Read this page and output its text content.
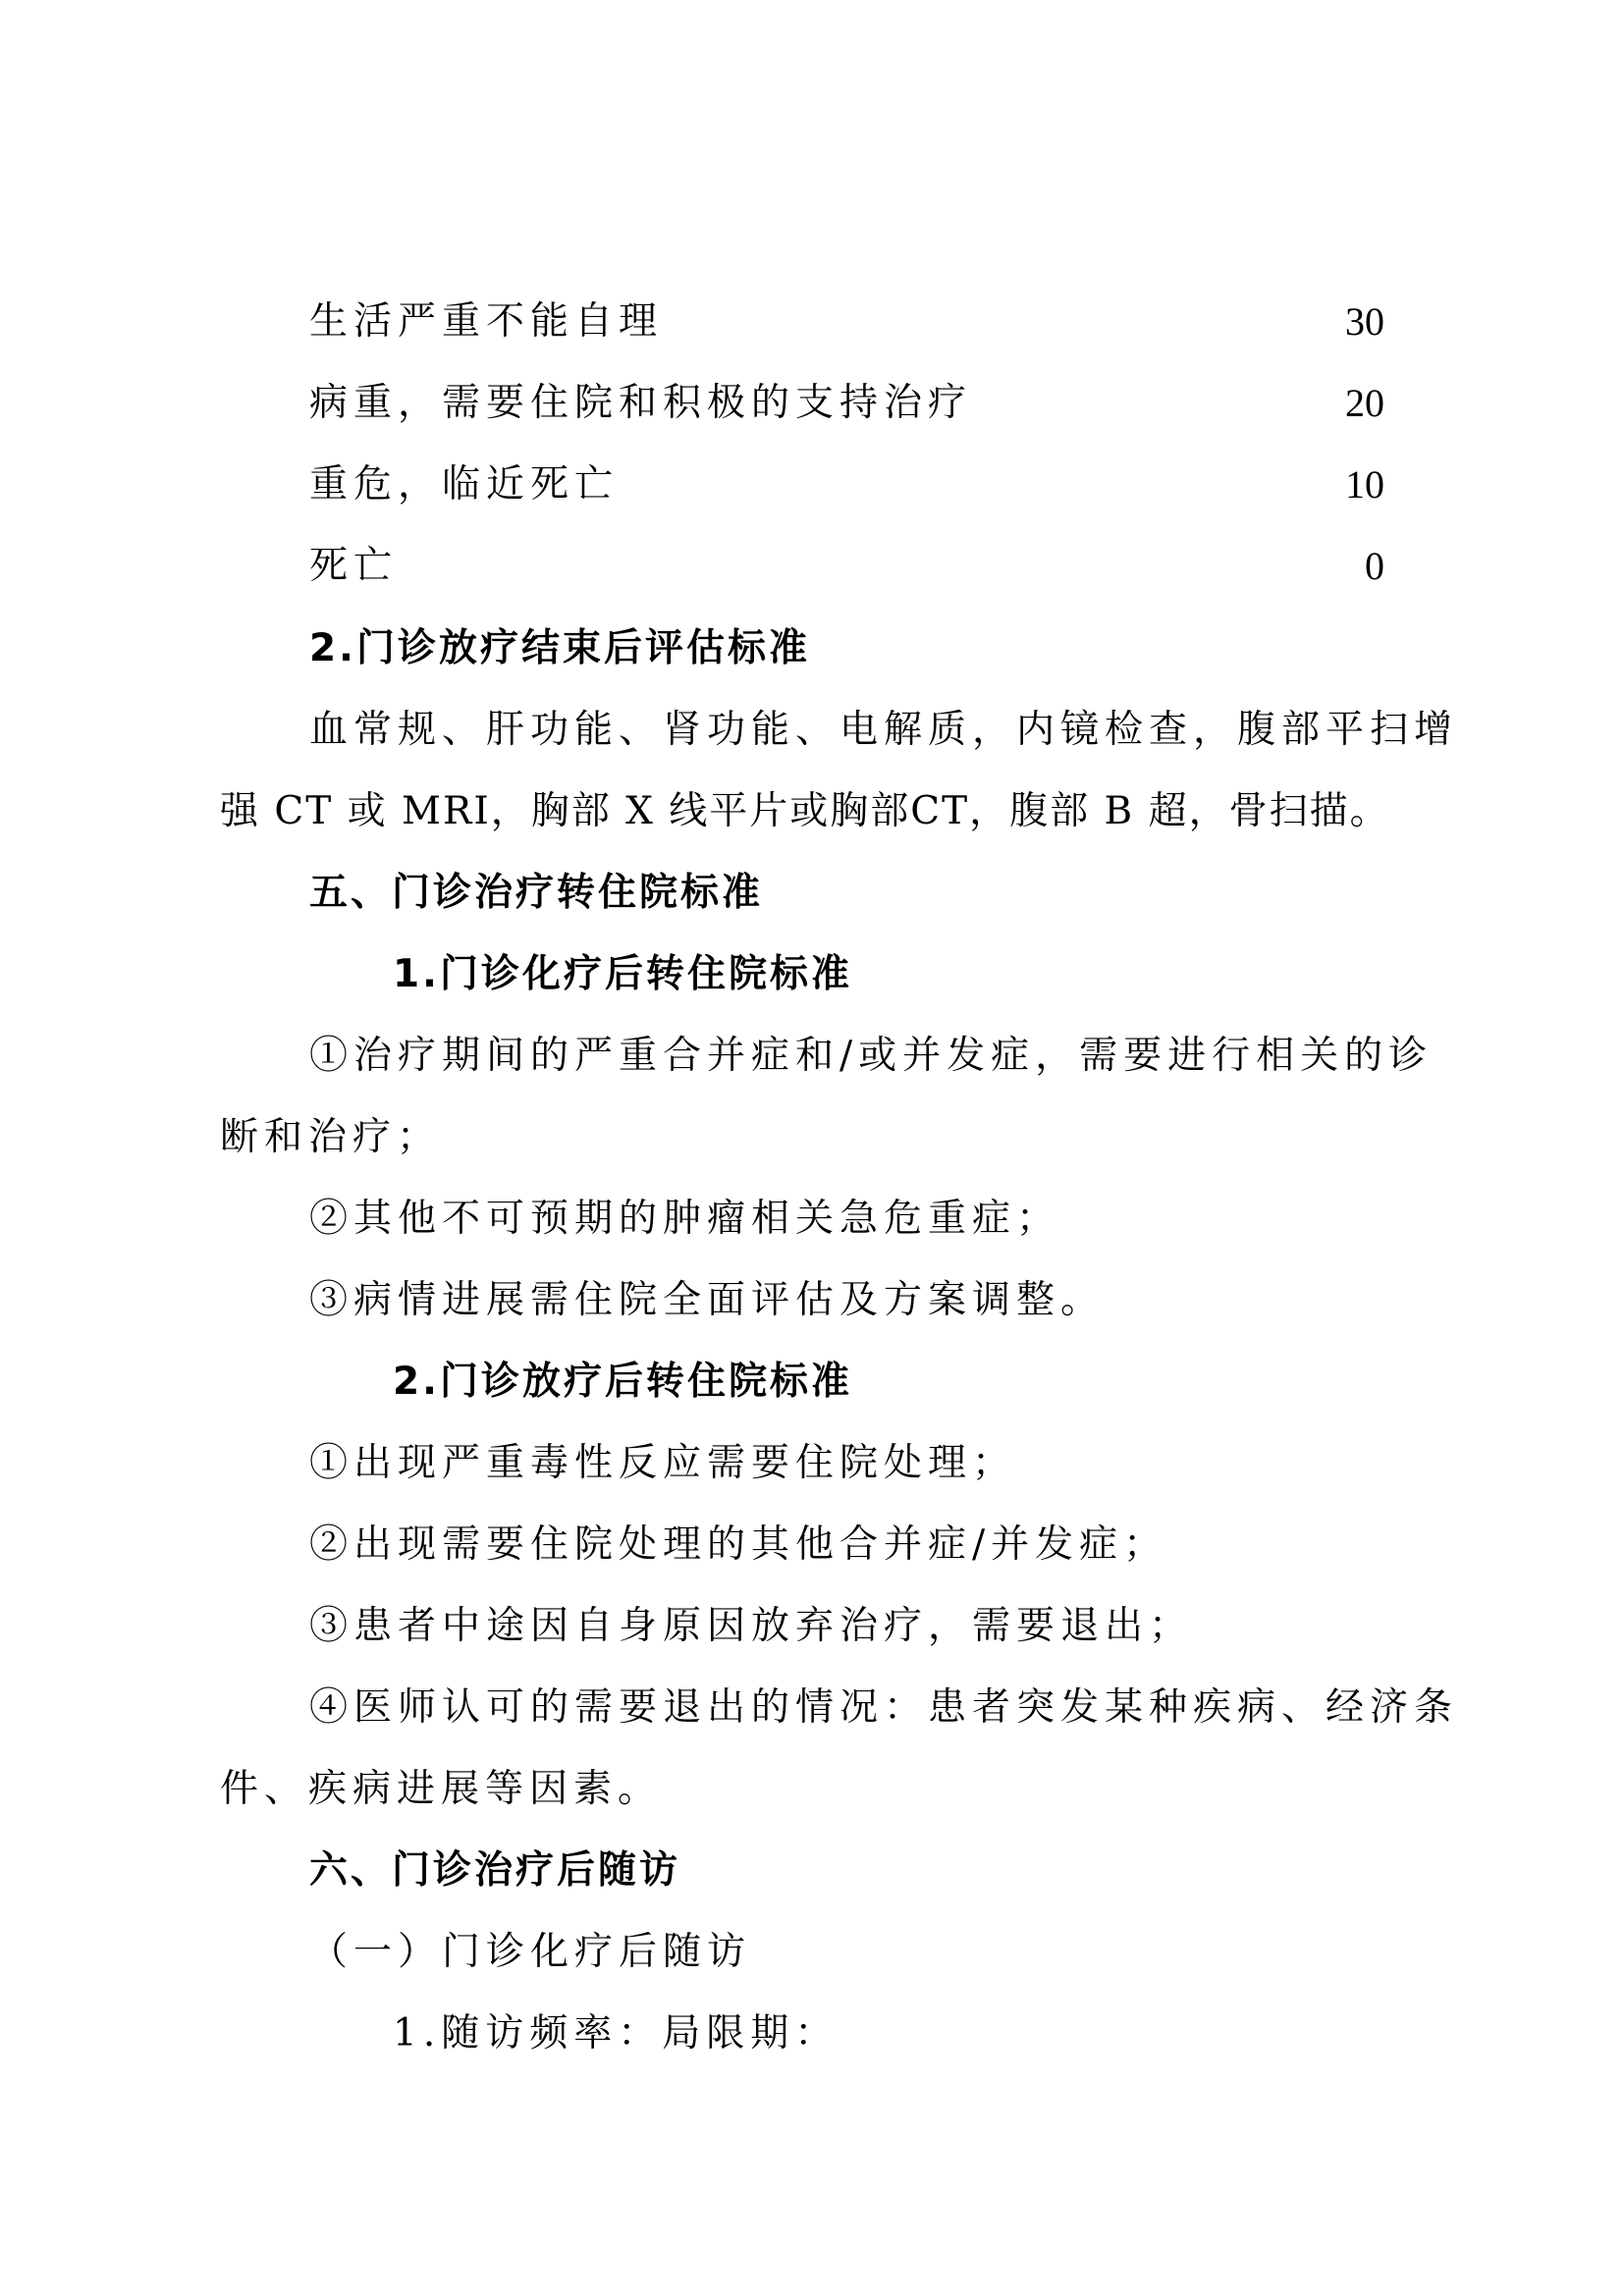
生活严重不能自理	30
病重，需要住院和积极的支持治疗	20
重危，临近死亡	10
死亡	0
2.门诊放疗结束后评估标准
血常规、肝功能、肾功能、电解质，内镜检查，腹部平扫增
强 CT 或 MRI，胸部 X 线平片或胸部CT，腹部 B 超，骨扫描。
五、门诊治疗转住院标准
1.门诊化疗后转住院标准
①治疗期间的严重合并症和/或并发症，需要进行相关的诊
断和治疗；
②其他不可预期的肿瘤相关急危重症；
③病情进展需住院全面评估及方案调整。
2.门诊放疗后转住院标准
①出现严重毒性反应需要住院处理；
②出现需要住院处理的其他合并症/并发症；
③患者中途因自身原因放弃治疗，需要退出；
④医师认可的需要退出的情况：患者突发某种疾病、经济条
件、疾病进展等因素。
六、门诊治疗后随访
（一）门诊化疗后随访
1.随访频率：局限期：
